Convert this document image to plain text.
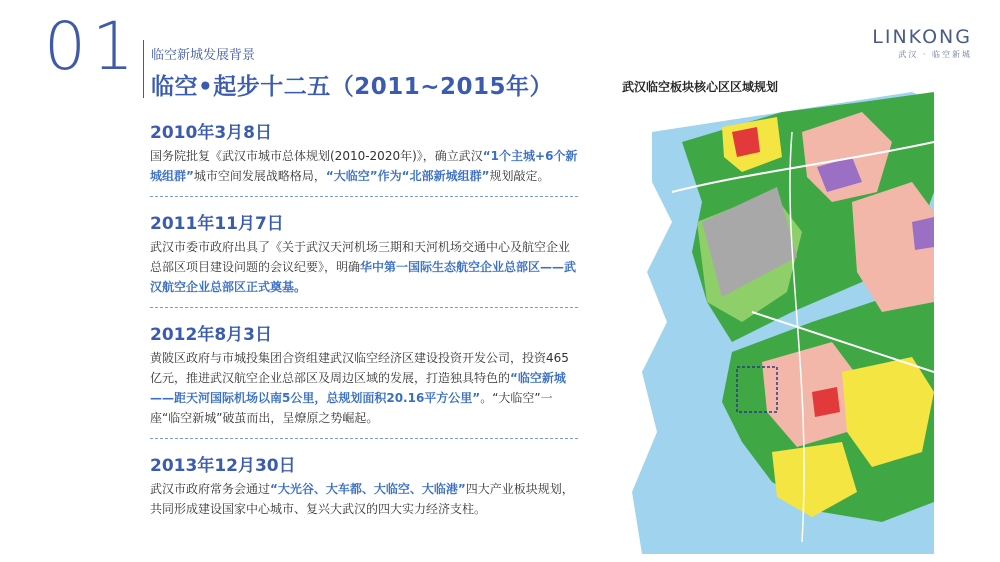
01 临空新城发展背景
临空•起步十二五（2011~2015年）
LINKONG
武汉 · 临空新城
2010年3月8日
国务院批复《武汉市城市总体规划(2010-2020年)》，确立武汉“1个主城+6个新城组群”城市空间发展战略格局，“大临空”作为“北部新城组群”规划敲定。
2011年11月7日
武汉市委市政府出具了《关于武汉天河机场三期和天河机场交通中心及航空企业总部区项目建设问题的会议纪要》，明确华中第一国际生态航空企业总部区——武汉航空企业总部区正式奠基。
2012年8月3日
黄陂区政府与市城投集团合资组建武汉临空经济区建设投资开发公司，投资465亿元，推进武汉航空企业总部区及周边区域的发展，打造独具特色的“临空新城——距天河国际机场以南5公里，总规划面积20.16平方公里”。“大临空”一座“临空新城”破茧而出，呈燎原之势崛起。
2013年12月30日
武汉市政府常务会通过“大光谷、大车都、大临空、大临港”四大产业板块规划，共同形成建设国家中心城市、复兴大武汉的四大实力经济支柱。
武汉临空板块核心区区域规划
